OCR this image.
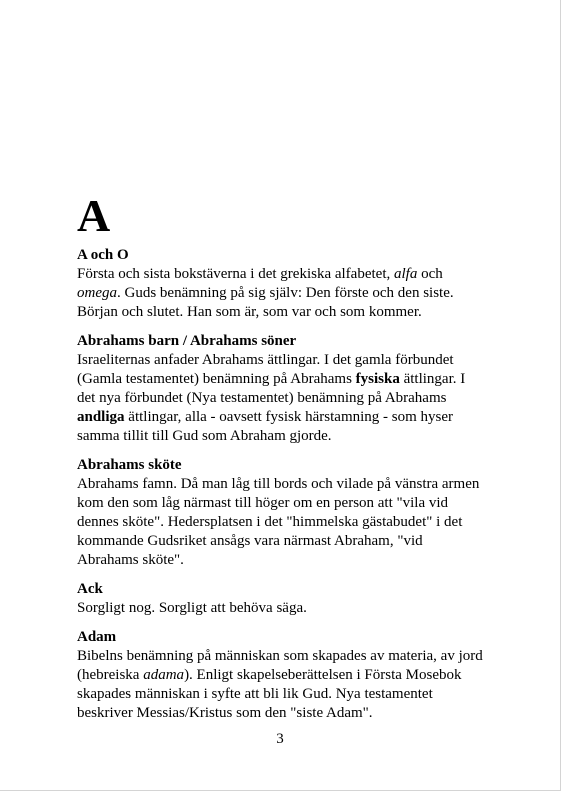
A

A och O

Första och sista bokstäverna i det grekiska alfabetet, alfa och omega. Guds benämning på sig själv: Den förste och den siste. Början och slutet. Han som är, som var och som kommer.

Abrahams barn / Abrahams söner

Israeliternas anfader Abrahams ättlingar. I det gamla förbundet (Gamla testamentet) benämning på Abrahams fysiska ättlingar. I det nya förbundet (Nya testamentet) benämning på Abrahams andliga ättlingar, alla - oavsett fysisk härstamning - som hyser samma tillit till Gud som Abraham gjorde.

Abrahams sköte

Abrahams famn. Då man låg till bords och vilade på vänstra armen kom den som låg närmast till höger om en person att "vila vid dennes sköte". Hedersplatsen i det "himmelska gästabudet" i det kommande Gudsriket ansågs vara närmast Abraham, "vid Abrahams sköte".

Ack

Sorgligt nog. Sorgligt att behöva säga.

Adam

Bibelns benämning på människan som skapades av materia, av jord (hebreiska adama). Enligt skapelseberättelsen i Första Mosebok skapades människan i syfte att bli lik Gud. Nya testamentet beskriver Messias/Kristus som den "siste Adam".

3
